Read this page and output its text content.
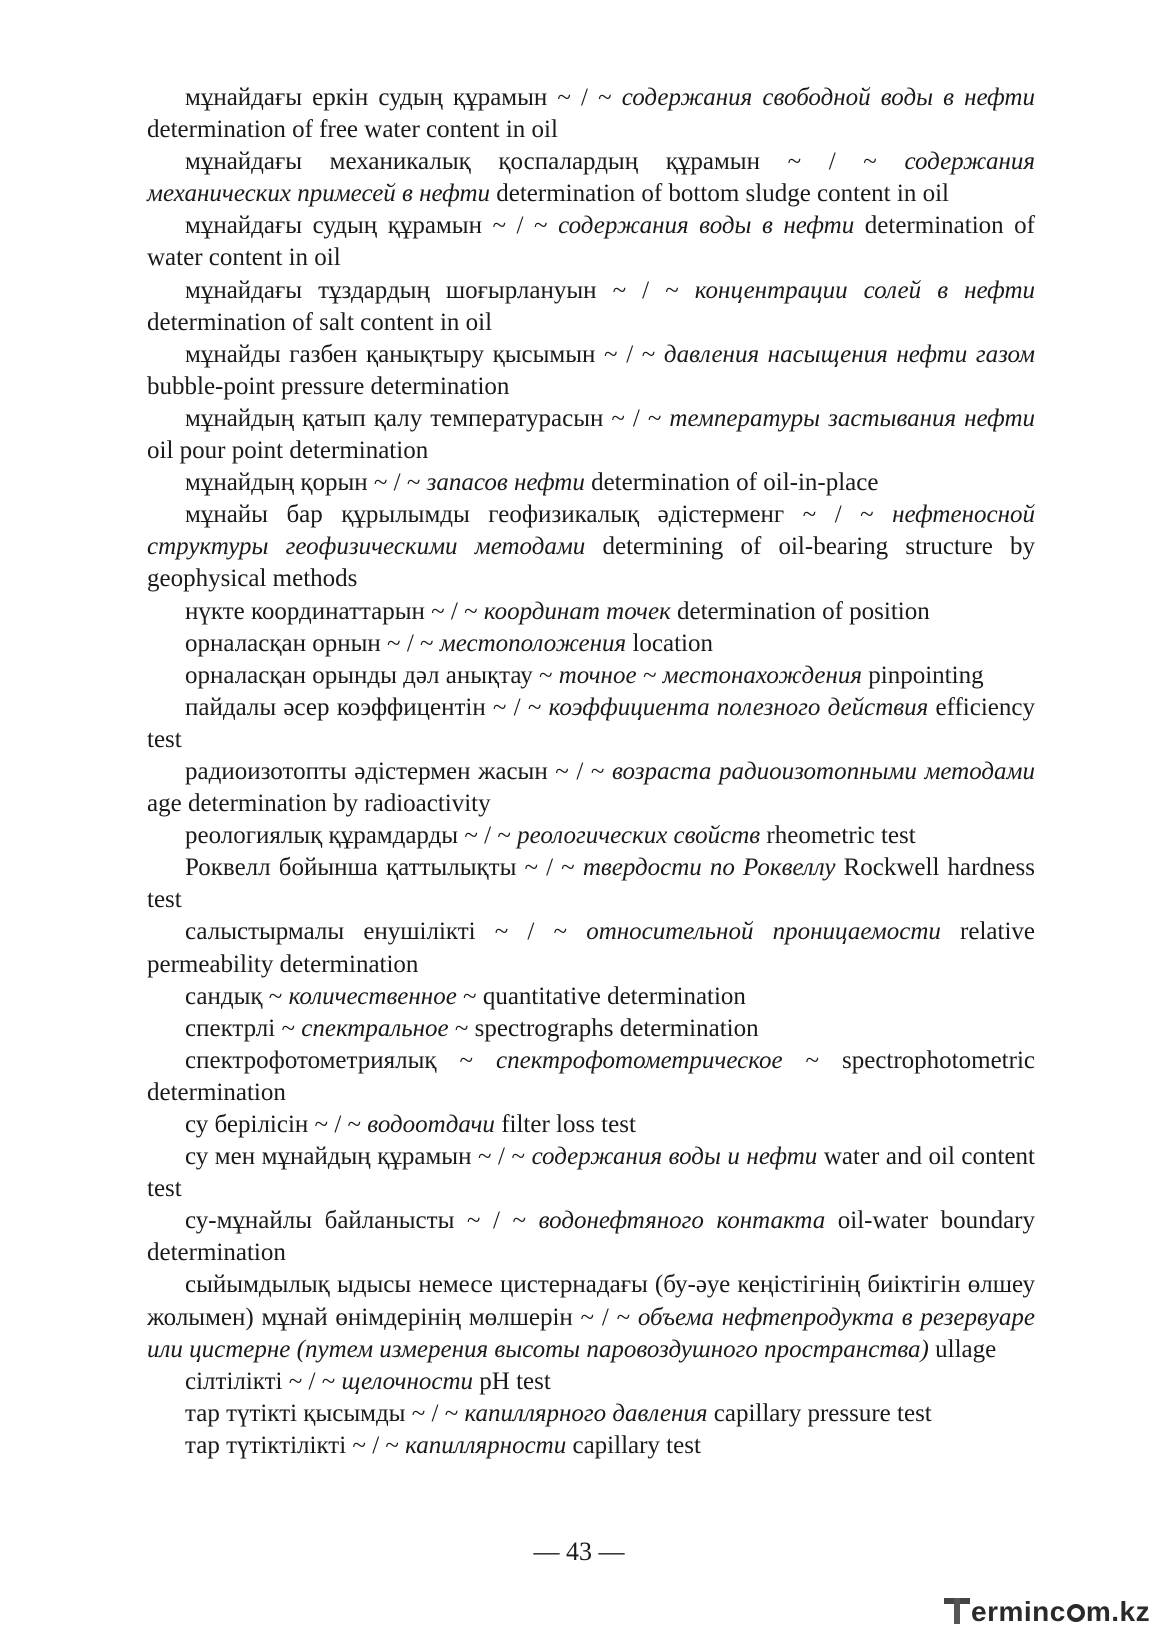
мұнайдағы еркін судың құрамын ~ / ~ содержания свободной воды в нефти determination of free water content in oil

мұнайдағы механикалық қоспалардың құрамын ~ / ~ содержания механических примесей в нефти determination of bottom sludge content in oil

мұнайдағы судың құрамын ~ / ~ содержания воды в нефти determination of water content in oil

мұнайдағы тұздардың шоғырлануын ~ / ~ концентрации солей в нефти determination of salt content in oil

мұнайды газбен қанықтыру қысымын ~ / ~ давления насыщения нефти газом bubble-point pressure determination

мұнайдың қатып қалу температурасын ~ / ~ температуры застывания нефти oil pour point determination

мұнайдың қорын ~ / ~ запасов нефти determination of oil-in-place

мұнайы бар құрылымды геофизикалық әдістерменг ~ / ~ нефтеносной структуры геофизическими методами determining of oil-bearing structure by geophysical methods

нүкте координаттарын ~ / ~ координат точек determination of position

орналасқан орнын ~ / ~ местоположения location

орналасқан орынды дәл анықтау ~ точное ~ местонахождения pinpointing

пайдалы әсер коэффицентін ~ / ~ коэффициента полезного действия efficiency test

радиоизотопты әдістермен жасын ~ / ~ возраста радиоизотопными методами age determination by radioactivity

реологиялық құрамдарды ~ / ~ реологических свойств rheometric test

Роквелл бойынша қаттылықты ~ / ~ твердости по Роквеллу Rockwell hardness test

салыстырмалы енушілікті ~ / ~ относительной проницаемости relative permeability determination

сандық ~ количественное ~ quantitative determination

спектрлі ~ спектральное ~ spectrographs determination

спектрофотометриялық ~ спектрофотометрическое ~ spectrophotometric determination

су берілісін ~ / ~ водоотдачи filter loss test

су мен мұнайдың құрамын ~ / ~ содержания воды и нефти water and oil content test

су-мұнайлы байланысты ~ / ~ водонефтяного контакта oil-water boundary determination

сыйымдылық ыдысы немесе цистернадағы (бу-әуе кеңістігінің биіктігін өлшеу жолымен) мұнай өнімдерінің мөлшерін ~ / ~ объема нефтепродукта в резервуаре или цистерне (путем измерения высоты паровоздушного пространства) ullage

сілтілікті ~ / ~ щелочности pH test

тар түтікті қысымды ~ / ~ капиллярного давления capillary pressure test

тар түтіктілікті ~ / ~ капиллярности capillary test

— 43 —
erminc m.kz
